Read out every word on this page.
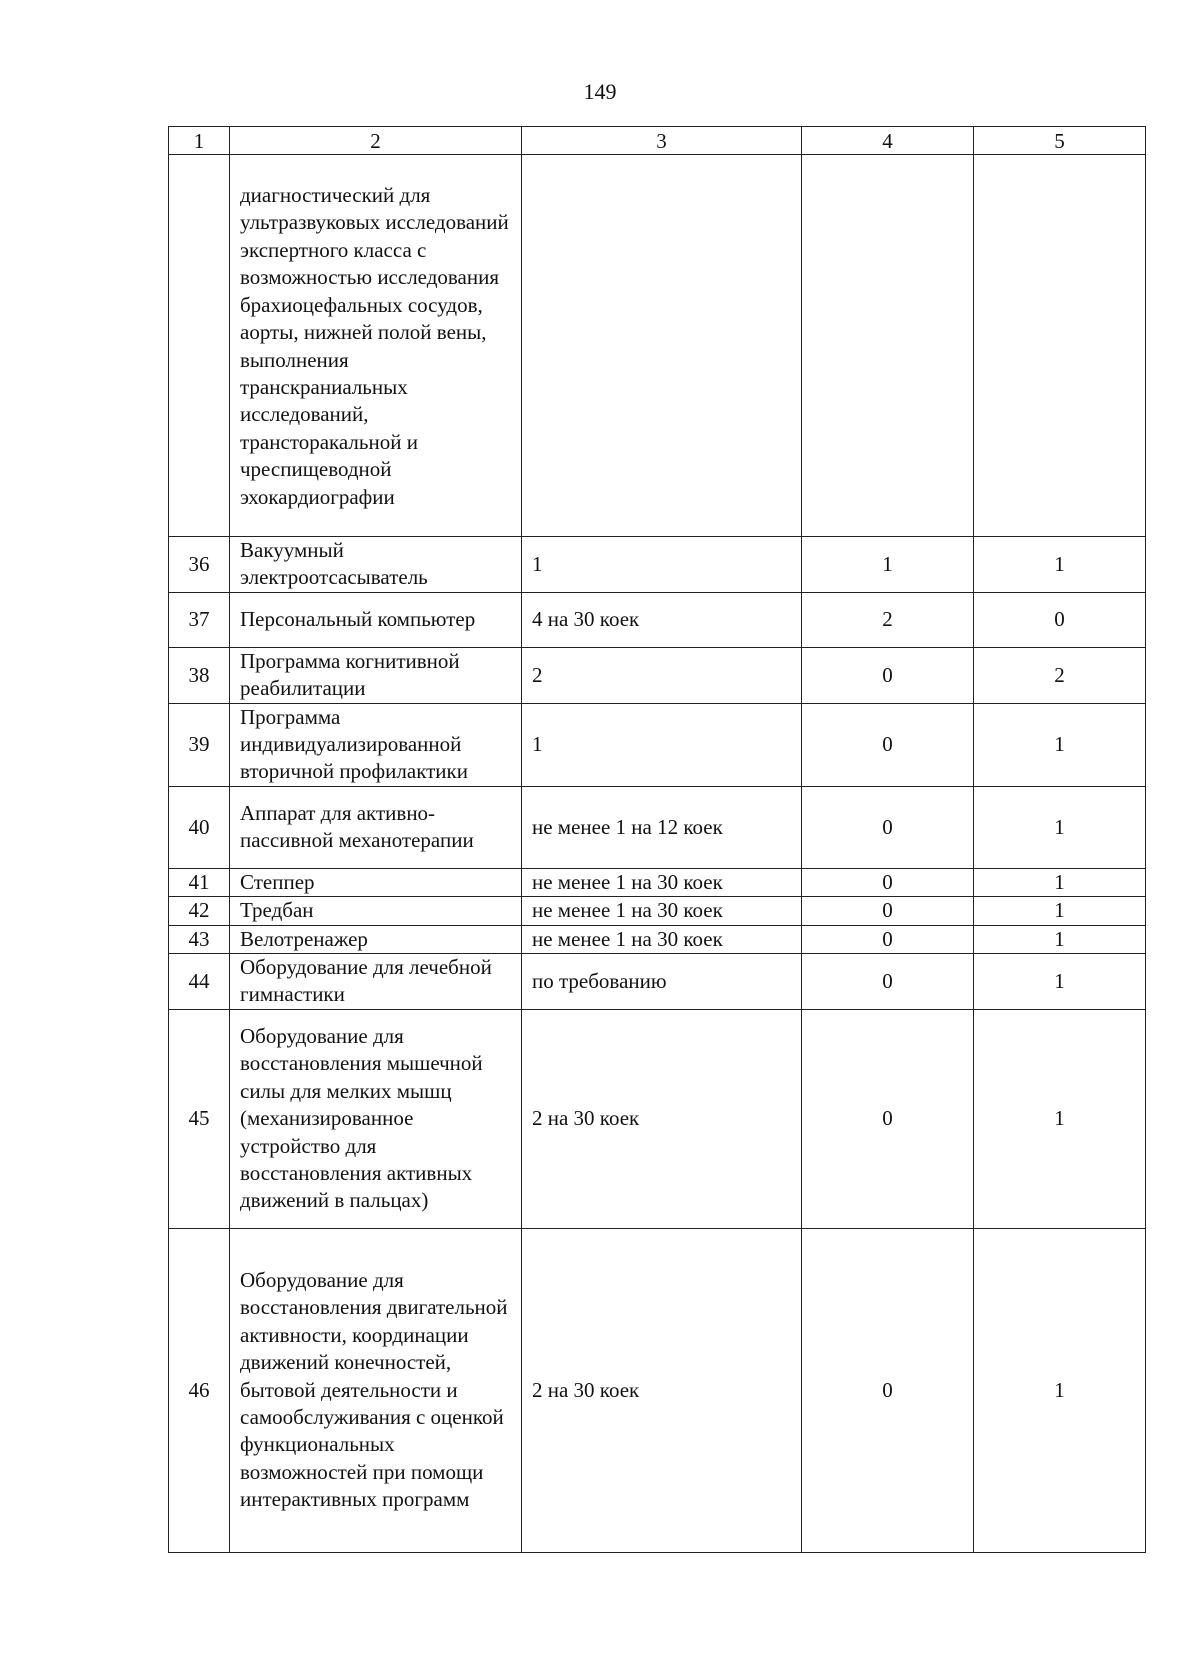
149
1	2	3	4	5
	диагностический для ультразвуковых исследований экспертного класса с возможностью исследования брахиоцефальных сосудов, аорты, нижней полой вены, выполнения транскраниальных исследований, трансторакальной и чреспищеводной эхокардиографии			
36	Вакуумный электроотсасыватель	1	1	1
37	Персональный компьютер	4 на 30 коек	2	0
38	Программа когнитивной реабилитации	2	0	2
39	Программа индивидуализированной вторичной профилактики	1	0	1
40	Аппарат для активно-пассивной механотерапии	не менее 1 на 12 коек	0	1
41	Степпер	не менее 1 на 30 коек	0	1
42	Тредбан	не менее 1 на 30 коек	0	1
43	Велотренажер	не менее 1 на 30 коек	0	1
44	Оборудование для лечебной гимнастики	по требованию	0	1
45	Оборудование для восстановления мышечной силы для мелких мышц (механизированное устройство для восстановления активных движений в пальцах)	2 на 30 коек	0	1
46	Оборудование для восстановления двигательной активности, координации движений конечностей, бытовой деятельности и самообслуживания с оценкой функциональных возможностей при помощи интерактивных программ	2 на 30 коек	0	1
